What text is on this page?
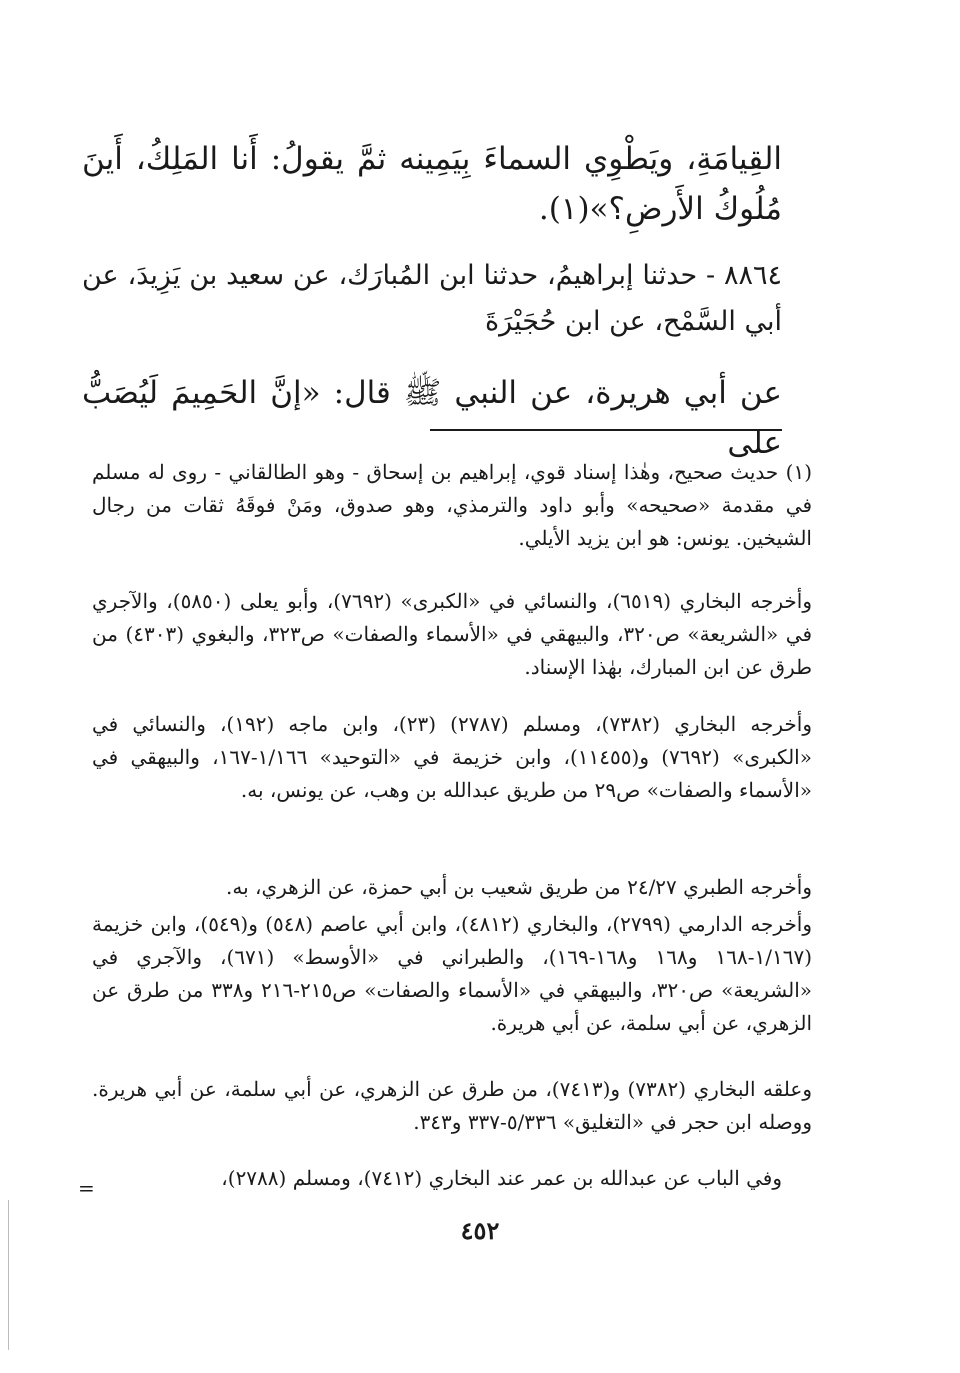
القِيامَةِ، ويَطْوِي السماءَ بِيَمِينه ثمَّ يقولُ: أَنا المَلِكُ، أَينَ مُلُوكُ الأَرضِ؟»(١).
٨٨٦٤ - حدثنا إبراهيمُ، حدثنا ابن المُبارَك، عن سعيد بن يَزِيدَ، عن أبي السَّمْح، عن ابن حُجَيْرَةَ
عن أبي هريرة، عن النبي ﷺ قال: «إنَّ الحَمِيمَ لَيُصَبُّ على
(١) حديث صحيح، وهٰذا إسناد قوي، إبراهيم بن إسحاق - وهو الطالقاني - روى له مسلم في مقدمة «صحيحه» وأبو داود والترمذي، وهو صدوق، ومَنْ فوقَهُ ثقات من رجال الشيخين. يونس: هو ابن يزيد الأيلي.
وأخرجه البخاري (٦٥١٩)، والنسائي في «الكبرى» (٧٦٩٢)، وأبو يعلى (٥٨٥٠)، والآجري في «الشريعة» ص٣٢٠، والبيهقي في «الأسماء والصفات» ص٣٢٣، والبغوي (٤٣٠٣) من طرق عن ابن المبارك، بهٰذا الإسناد.
وأخرجه البخاري (٧٣٨٢)، ومسلم (٢٧٨٧) (٢٣)، وابن ماجه (١٩٢)، والنسائي في «الكبرى» (٧٦٩٢) و(١١٤٥٥)، وابن خزيمة في «التوحيد» ١/١٦٦-١٦٧، والبيهقي في «الأسماء والصفات» ص٢٩ من طريق عبدالله بن وهب، عن يونس، به.
وأخرجه الطبري ٢٤/٢٧ من طريق شعيب بن أبي حمزة، عن الزهري، به.
وأخرجه الدارمي (٢٧٩٩)، والبخاري (٤٨١٢)، وابن أبي عاصم (٥٤٨) و(٥٤٩)، وابن خزيمة (١/١٦٧-١٦٨ و١٦٨ و١٦٨-١٦٩)، والطبراني في «الأوسط» (٦٧١)، والآجري في «الشريعة» ص٣٢٠، والبيهقي في «الأسماء والصفات» ص٢١٥-٢١٦ و٣٣٨ من طرق عن الزهري، عن أبي سلمة، عن أبي هريرة.
وعلقه البخاري (٧٣٨٢) و(٧٤١٣)، من طرق عن الزهري، عن أبي سلمة، عن أبي هريرة. ووصله ابن حجر في «التغليق» ٥/٣٣٦-٣٣٧ و٣٤٣.
وفي الباب عن عبدالله بن عمر عند البخاري (٧٤١٢)، ومسلم (٢٧٨٨)،
=
٤٥٢
